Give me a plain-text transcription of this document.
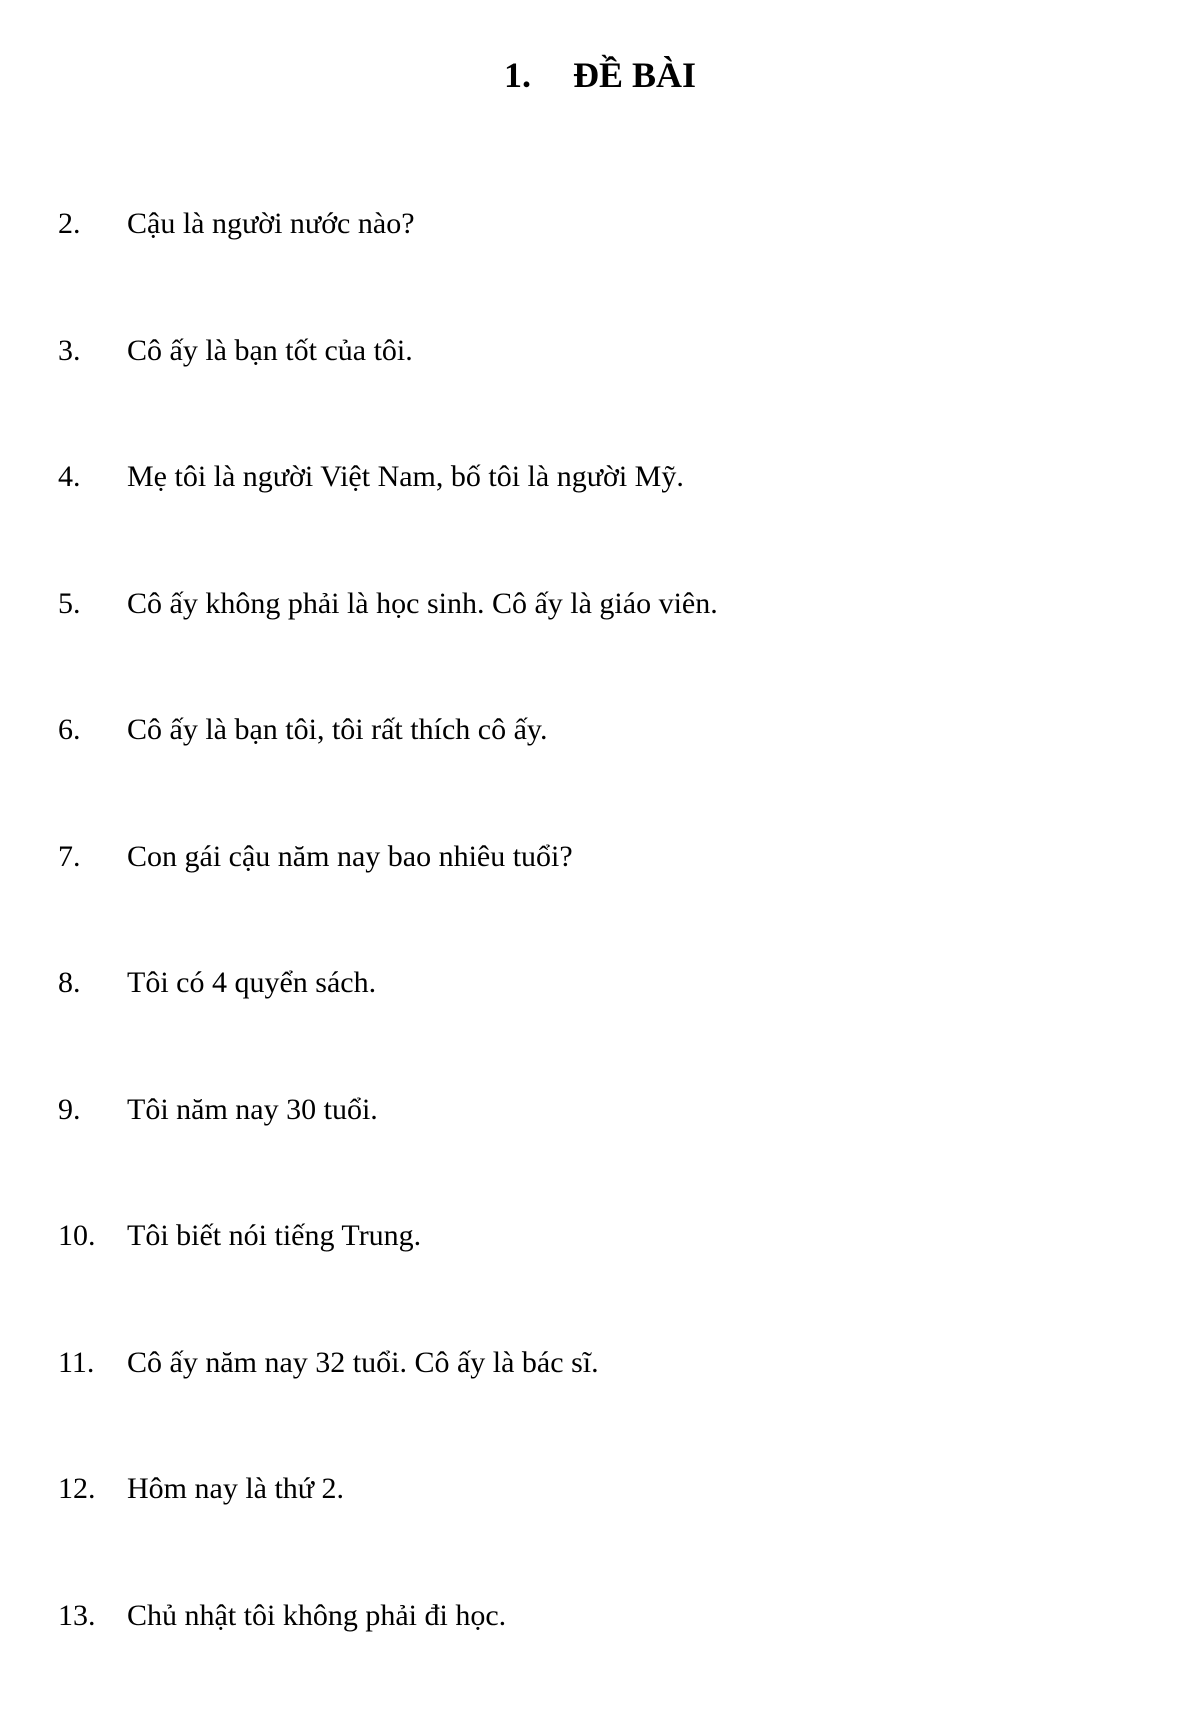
1. ĐỀ BÀI
2. Cậu là người nước nào?
3. Cô ấy là bạn tốt của tôi.
4. Mẹ tôi là người Việt Nam, bố tôi là người Mỹ.
5. Cô ấy không phải là học sinh. Cô ấy là giáo viên.
6. Cô ấy là bạn tôi, tôi rất thích cô ấy.
7. Con gái cậu năm nay bao nhiêu tuổi?
8. Tôi có 4 quyển sách.
9. Tôi năm nay 30 tuổi.
10. Tôi biết nói tiếng Trung.
11. Cô ấy năm nay 32 tuổi. Cô ấy là bác sĩ.
12. Hôm nay là thứ 2.
13. Chủ nhật tôi không phải đi học.
